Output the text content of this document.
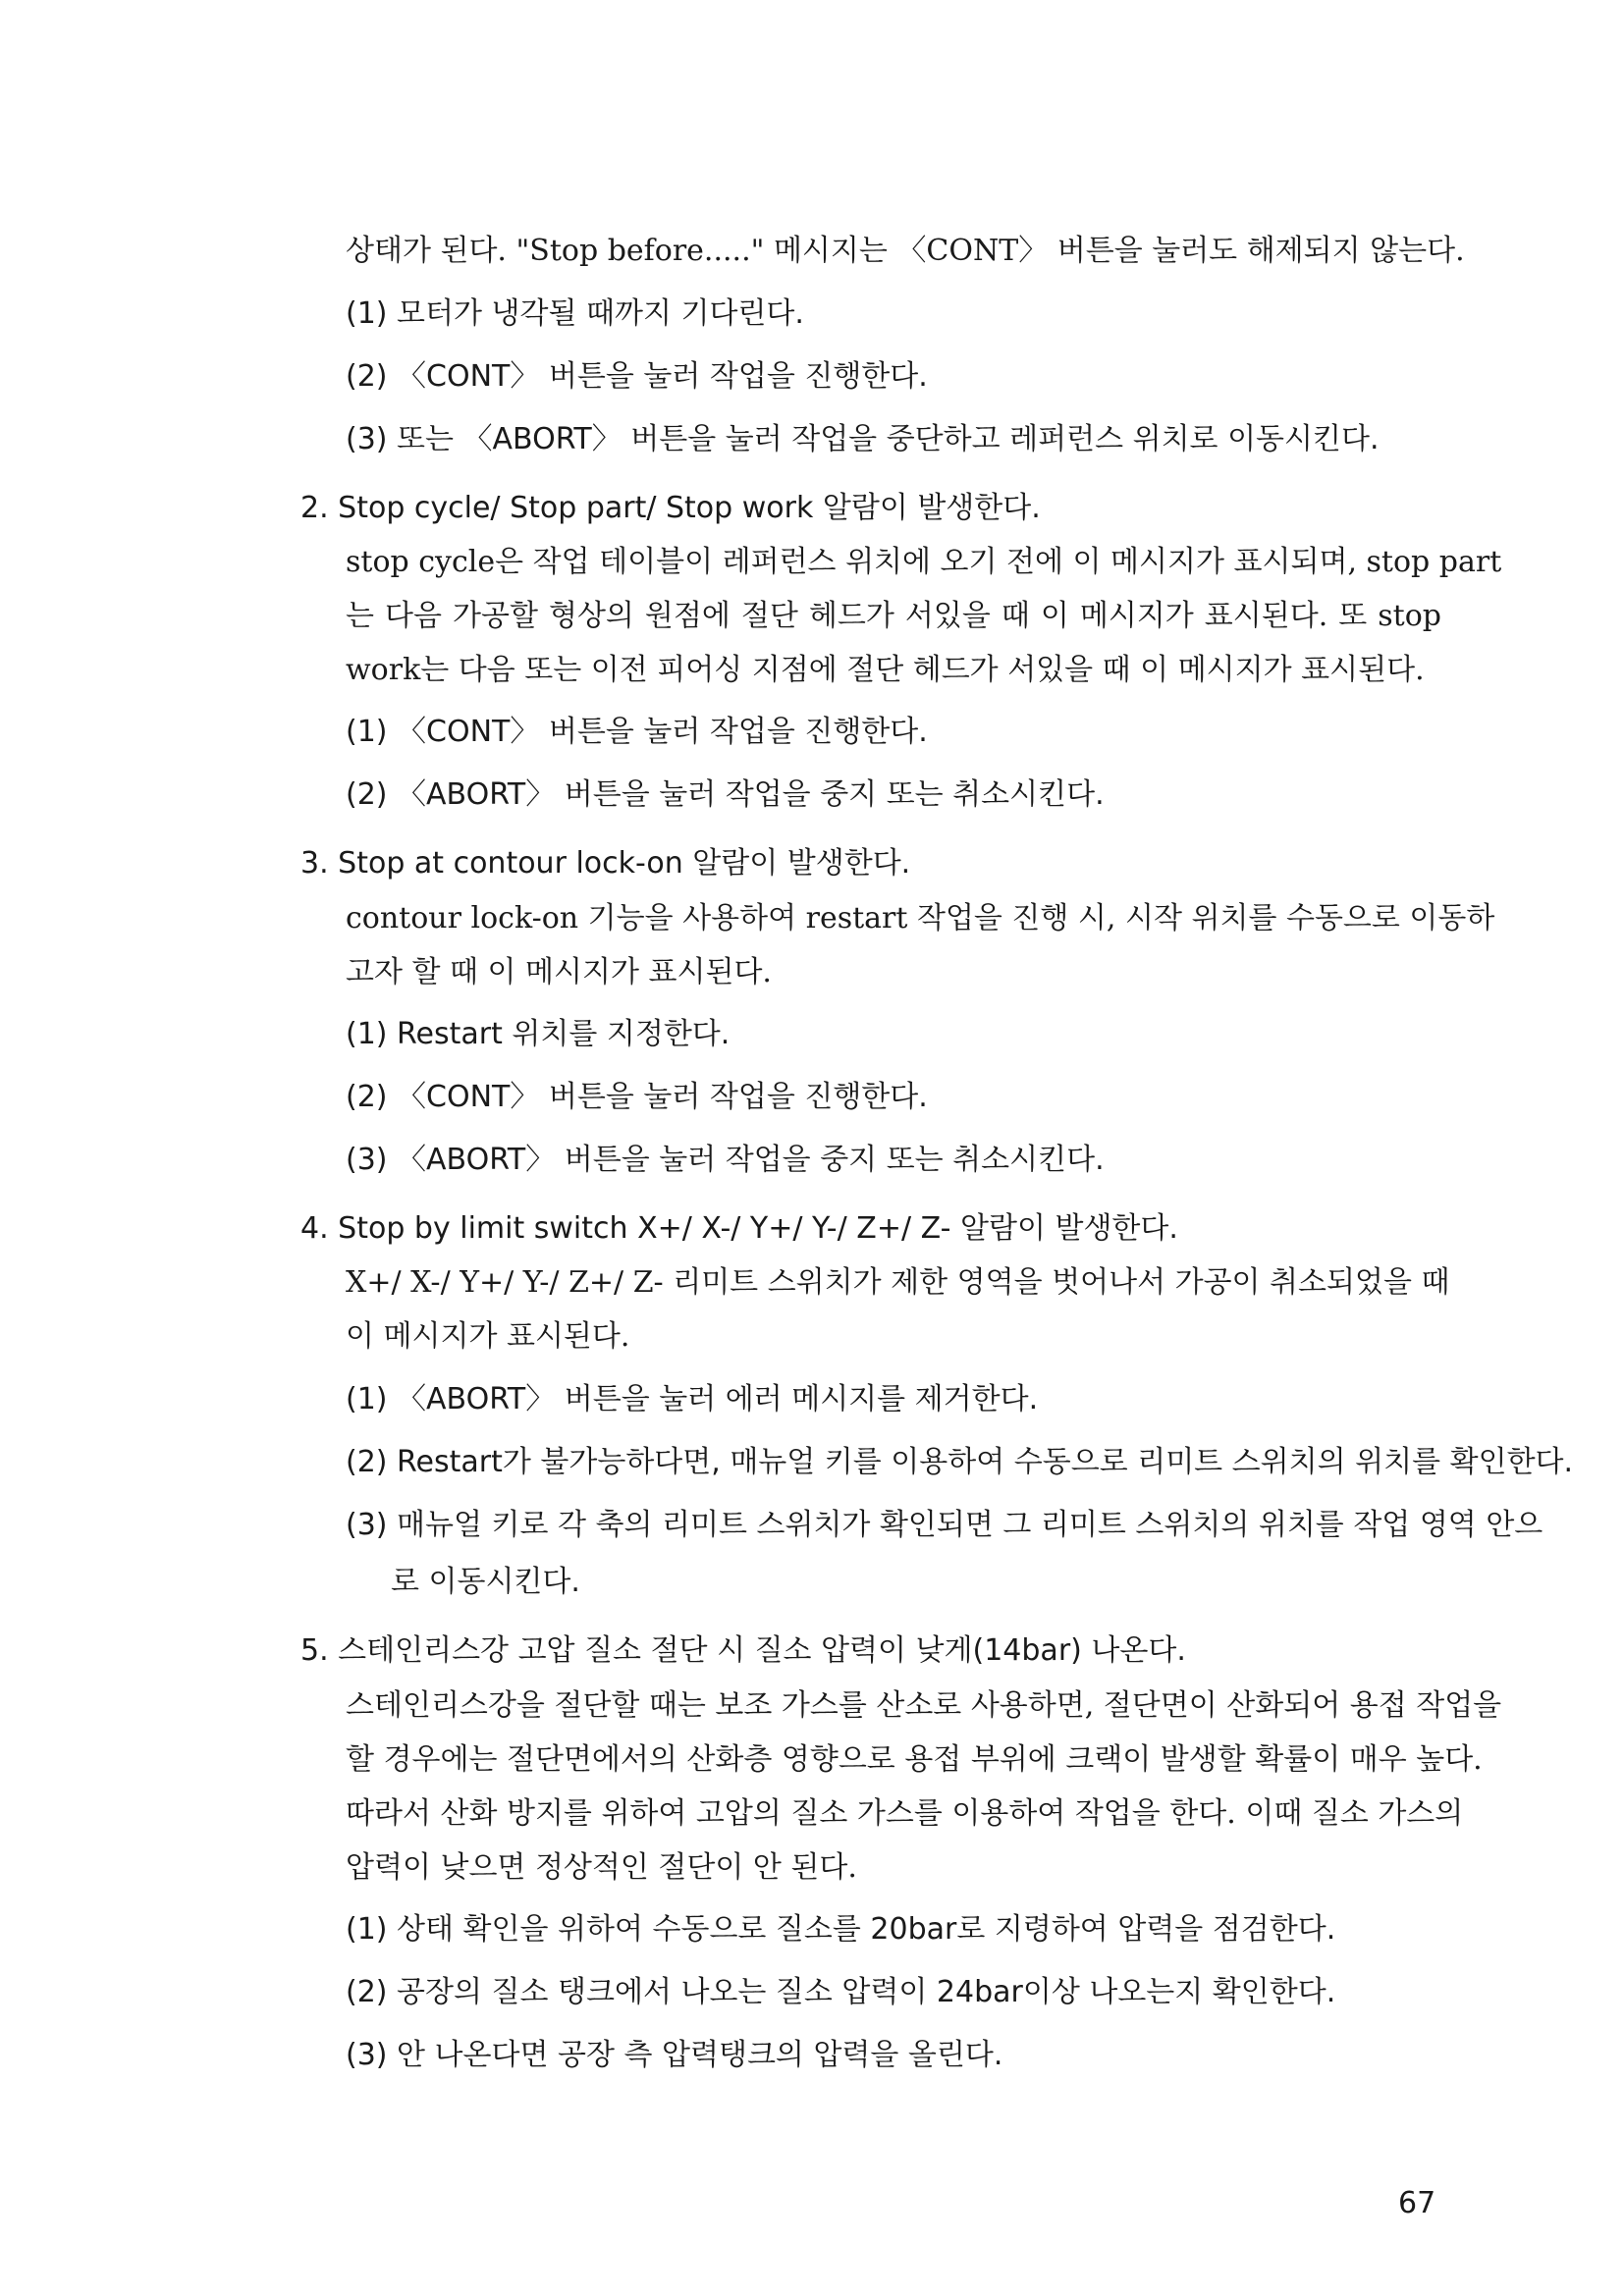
상태가 된다. "Stop before....." 메시지는 〈CONT〉 버튼을 눌러도 해제되지 않는다.
(1) 모터가 냉각될 때까지 기다린다.
(2) 〈CONT〉 버튼을 눌러 작업을 진행한다.
(3) 또는 〈ABORT〉 버튼을 눌러 작업을 중단하고 레퍼런스 위치로 이동시킨다.
2. Stop cycle/ Stop part/ Stop work 알람이 발생한다.
stop cycle은 작업 테이블이 레퍼런스 위치에 오기 전에 이 메시지가 표시되며, stop part
는 다음 가공할 형상의 원점에 절단 헤드가 서있을 때 이 메시지가 표시된다. 또 stop
work는 다음 또는 이전 피어싱 지점에 절단 헤드가 서있을 때 이 메시지가 표시된다.
(1) 〈CONT〉 버튼을 눌러 작업을 진행한다.
(2) 〈ABORT〉 버튼을 눌러 작업을 중지 또는 취소시킨다.
3. Stop at contour lock-on 알람이 발생한다.
contour lock-on 기능을 사용하여 restart 작업을 진행 시, 시작 위치를 수동으로 이동하
고자 할 때 이 메시지가 표시된다.
(1) Restart 위치를 지정한다.
(2) 〈CONT〉 버튼을 눌러 작업을 진행한다.
(3) 〈ABORT〉 버튼을 눌러 작업을 중지 또는 취소시킨다.
4. Stop by limit switch X+/ X-/ Y+/ Y-/ Z+/ Z- 알람이 발생한다.
X+/ X-/ Y+/ Y-/ Z+/ Z- 리미트 스위치가 제한 영역을 벗어나서 가공이 취소되었을 때
이 메시지가 표시된다.
(1) 〈ABORT〉 버튼을 눌러 에러 메시지를 제거한다.
(2) Restart가 불가능하다면, 매뉴얼 키를 이용하여 수동으로 리미트 스위치의 위치를 확인한다.
(3) 매뉴얼 키로 각 축의 리미트 스위치가 확인되면 그 리미트 스위치의 위치를 작업 영역 안으
로 이동시킨다.
5. 스테인리스강 고압 질소 절단 시 질소 압력이 낮게(14bar) 나온다.
스테인리스강을 절단할 때는 보조 가스를 산소로 사용하면, 절단면이 산화되어 용접 작업을
할 경우에는 절단면에서의 산화층 영향으로 용접 부위에 크랙이 발생할 확률이 매우 높다.
따라서 산화 방지를 위하여 고압의 질소 가스를 이용하여 작업을 한다. 이때 질소 가스의
압력이 낮으면 정상적인 절단이 안 된다.
(1) 상태 확인을 위하여 수동으로 질소를 20bar로 지령하여 압력을 점검한다.
(2) 공장의 질소 탱크에서 나오는 질소 압력이 24bar이상 나오는지 확인한다.
(3) 안 나온다면 공장 측 압력탱크의 압력을 올린다.
67
